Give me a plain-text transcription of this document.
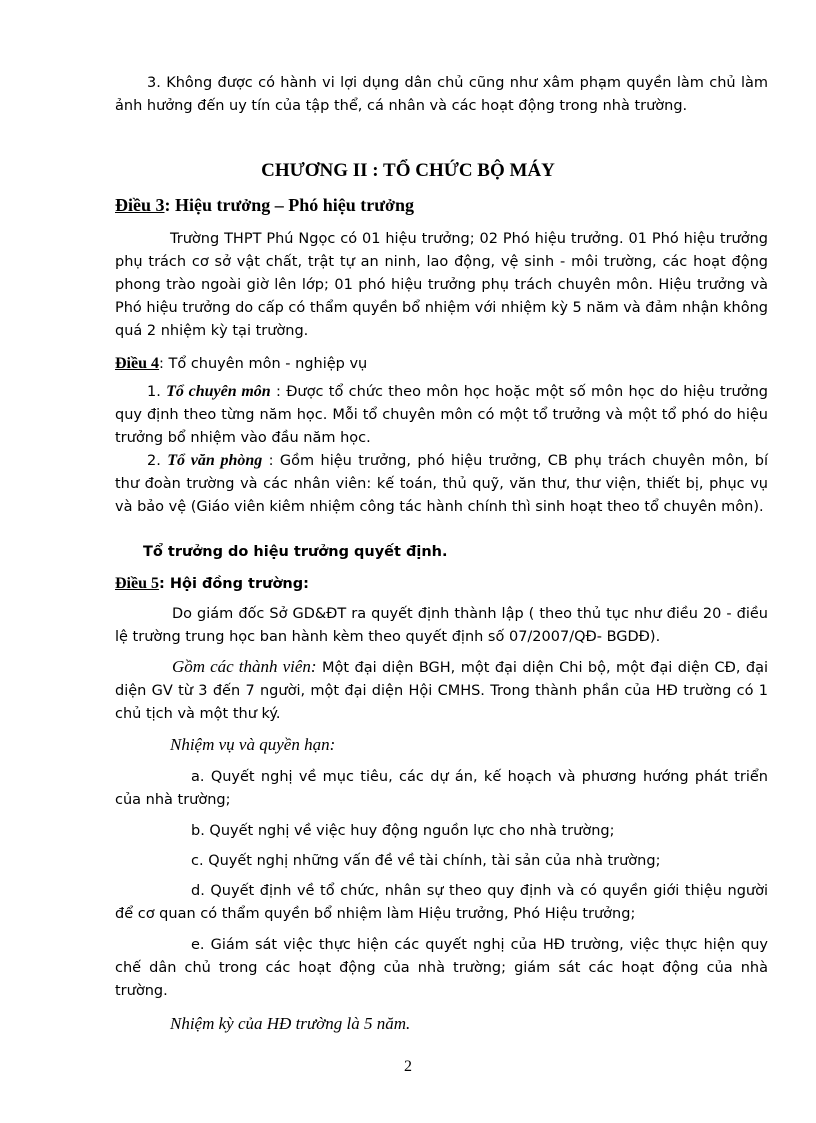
3. Không được có hành vi lợi dụng dân chủ cũng như xâm phạm quyền làm chủ làm ảnh hưởng đến uy tín của tập thể, cá nhân và các hoạt động trong nhà trường.

CHƯƠNG II : TỔ CHỨC BỘ MÁY
Điều 3: Hiệu trưởng – Phó hiệu trưởng

Trường THPT Phú Ngọc có 01 hiệu trưởng; 02 Phó hiệu trưởng. 01 Phó hiệu trưởng phụ trách cơ sở vật chất, trật tự an ninh, lao động, vệ sinh - môi trường, các hoạt động phong trào ngoài giờ lên lớp; 01 phó hiệu trưởng phụ trách chuyên môn. Hiệu trưởng và Phó hiệu trưởng do cấp có thẩm quyền bổ nhiệm với nhiệm kỳ 5 năm và đảm nhận không quá 2 nhiệm kỳ tại trường.

Điều 4: Tổ chuyên môn - nghiệp vụ

1. Tổ chuyên môn : Được tổ chức theo môn học hoặc một số môn học do hiệu trưởng quy định theo từng năm học. Mỗi tổ chuyên môn có một tổ trưởng và một tổ phó do hiệu trưởng bổ nhiệm vào đầu năm học.

2. Tổ văn phòng : Gồm hiệu trưởng, phó hiệu trưởng, CB phụ trách chuyên môn, bí thư đoàn trường và các nhân viên: kế toán, thủ quỹ, văn thư, thư viện, thiết bị, phục vụ và bảo vệ (Giáo viên kiêm nhiệm công tác hành chính thì sinh hoạt theo tổ chuyên môn).

Tổ trưởng do hiệu trưởng quyết định.

Điều 5: Hội đồng trường:

Do giám đốc Sở GD&ĐT ra quyết định thành lập ( theo thủ tục như điều 20 - điều lệ trường trung học ban hành kèm theo quyết định số 07/2007/QĐ- BGDĐ).

Gồm các thành viên: Một đại diện BGH, một đại diện Chi bộ, một đại diện CĐ, đại diện GV từ 3 đến 7 người, một đại diện Hội CMHS. Trong thành phần của HĐ trường có 1 chủ tịch và một thư ký.

Nhiệm vụ và quyền hạn:

a. Quyết nghị về mục tiêu, các dự án, kế hoạch và phương hướng phát triển của nhà trường;

b. Quyết nghị về việc huy động nguồn lực cho nhà trường;

c. Quyết nghị những vấn đề về tài chính, tài sản của nhà trường;

d. Quyết định về tổ chức, nhân sự theo quy định và có quyền giới thiệu người để cơ quan có thẩm quyền bổ nhiệm làm Hiệu trưởng, Phó Hiệu trưởng;

e. Giám sát việc thực hiện các quyết nghị của HĐ trường, việc thực hiện quy chế dân chủ trong các hoạt động của nhà trường; giám sát các hoạt động của nhà trường.

Nhiệm kỳ của HĐ trường là 5 năm.

2
